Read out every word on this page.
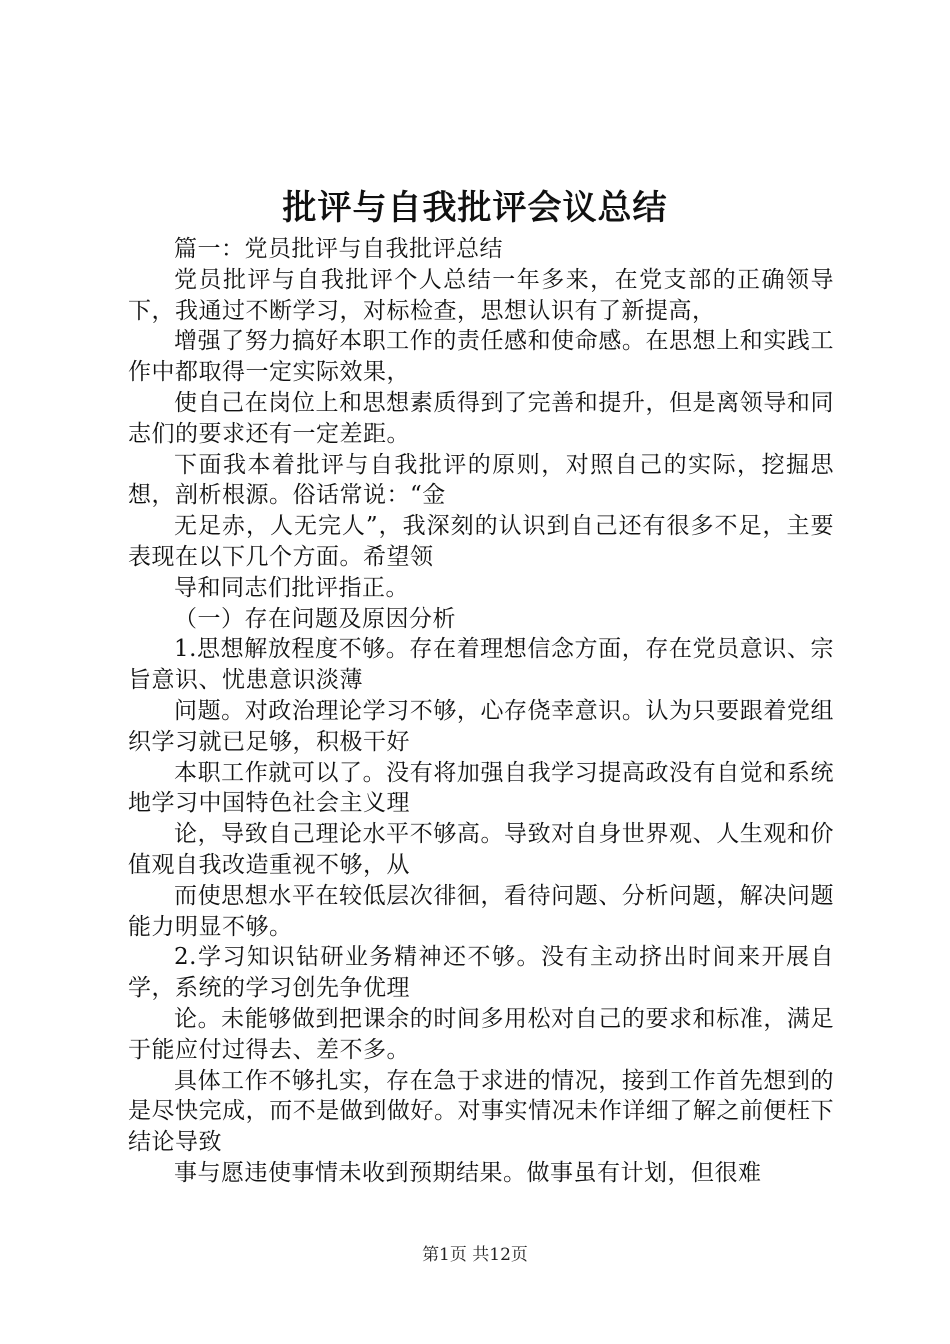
批评与自我批评会议总结

篇一：党员批评与自我批评总结

党员批评与自我批评个人总结一年多来，在党支部的正确领导下，我通过不断学习，对标检查，思想认识有了新提高，

增强了努力搞好本职工作的责任感和使命感。在思想上和实践工作中都取得一定实际效果，

使自己在岗位上和思想素质得到了完善和提升，但是离领导和同志们的要求还有一定差距。

下面我本着批评与自我批评的原则，对照自己的实际，挖掘思想，剖析根源。俗话常说：“金

无足赤，人无完人”，我深刻的认识到自己还有很多不足，主要表现在以下几个方面。希望领

导和同志们批评指正。

（一）存在问题及原因分析

1.思想解放程度不够。存在着理想信念方面，存在党员意识、宗旨意识、忧患意识淡薄

问题。对政治理论学习不够，心存侥幸意识。认为只要跟着党组织学习就已足够，积极干好

本职工作就可以了。没有将加强自我学习提高政没有自觉和系统地学习中国特色社会主义理

论，导致自己理论水平不够高。导致对自身世界观、人生观和价值观自我改造重视不够，从

而使思想水平在较低层次徘徊，看待问题、分析问题，解决问题能力明显不够。

2.学习知识钻研业务精神还不够。没有主动挤出时间来开展自学，系统的学习创先争优理

论。未能够做到把课余的时间多用松对自己的要求和标准，满足于能应付过得去、差不多。

具体工作不够扎实，存在急于求进的情况，接到工作首先想到的是尽快完成，而不是做到做好。对事实情况未作详细了解之前便枉下结论导致

事与愿违使事情未收到预期结果。做事虽有计划，但很难

第1页 共12页
